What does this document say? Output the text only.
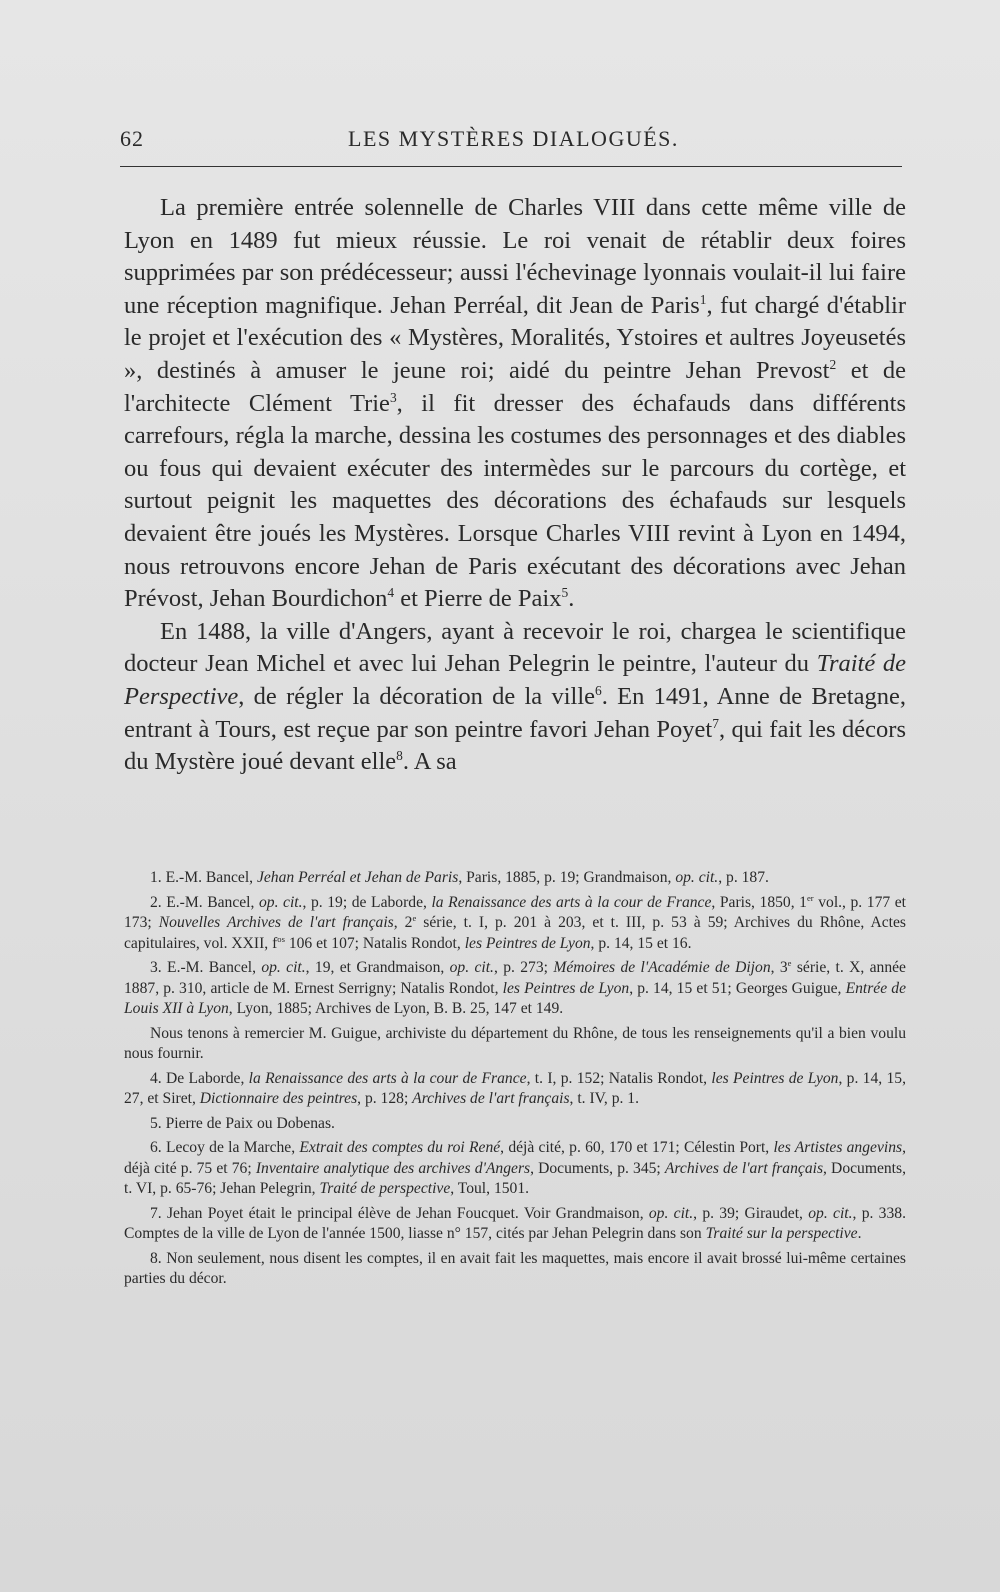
62	LES MYSTÈRES DIALOGUÉS.

La première entrée solennelle de Charles VIII dans cette même ville de Lyon en 1489 fut mieux réussie. Le roi venait de rétablir deux foires supprimées par son prédécesseur; aussi l'échevinage lyonnais voulait-il lui faire une réception magnifique. Jehan Perréal, dit Jean de Paris$^1$, fut chargé d'établir le projet et l'exécution des « Mystères, Moralités, Ystoires et aultres Joyeusetés », destinés à amuser le jeune roi; aidé du peintre Jehan Prevost$^2$ et de l'architecte Clément Trie$^3$, il fit dresser des échafauds dans différents carrefours, régla la marche, dessina les costumes des personnages et des diables ou fous qui devaient exécuter des intermèdes sur le parcours du cortège, et surtout peignit les maquettes des décorations des échafauds sur lesquels devaient être joués les Mystères. Lorsque Charles VIII revint à Lyon en 1494, nous retrouvons encore Jehan de Paris exécutant des décorations avec Jehan Prévost, Jehan Bourdichon$^4$ et Pierre de Paix$^5$.

En 1488, la ville d'Angers, ayant à recevoir le roi, chargea le scientifique docteur Jean Michel et avec lui Jehan Pelegrin le peintre, l'auteur du Traité de Perspective, de régler la décoration de la ville$^6$. En 1491, Anne de Bretagne, entrant à Tours, est reçue par son peintre favori Jehan Poyet$^7$, qui fait les décors du Mystère joué devant elle$^8$. A sa

1. E.-M. Bancel, Jehan Perréal et Jehan de Paris, Paris, 1885, p. 19; Grandmaison, op. cit., p. 187.

2. E.-M. Bancel, op. cit., p. 19; de Laborde, la Renaissance des arts à la cour de France, Paris, 1850, 1er vol., p. 177 et 173; Nouvelles Archives de l'art français, 2e série, t. I, p. 201 à 203, et t. III, p. 53 à 59; Archives du Rhône, Actes capitulaires, vol. XXII, $f^{os}$ 106 et 107; Natalis Rondot, les Peintres de Lyon, p. 14, 15 et 16.

3. E.-M. Bancel, op. cit., 19, et Grandmaison, op. cit., p. 273; Mémoires de l'Académie de Dijon, 3e série, t. X, année 1887, p. 310, article de M. Ernest Serrigny; Natalis Rondot, les Peintres de Lyon, p. 14, 15 et 51; Georges Guigue, Entrée de Louis XII à Lyon, Lyon, 1885; Archives de Lyon, B. B. 25, 147 et 149.

Nous tenons à remercier M. Guigue, archiviste du département du Rhône, de tous les renseignements qu'il a bien voulu nous fournir.

4. De Laborde, la Renaissance des arts à la cour de France, t. I, p. 152; Natalis Rondot, les Peintres de Lyon, p. 14, 15, 27, et Siret, Dictionnaire des peintres, p. 128; Archives de l'art français, t. IV, p. 1.

5. Pierre de Paix ou Dobenas.

6. Lecoy de la Marche, Extrait des comptes du roi René, déjà cité, p. 60, 170 et 171; Célestin Port, les Artistes angevins, déjà cité p. 75 et 76; Inventaire analytique des archives d'Angers, Documents, p. 345; Archives de l'art français, Documents, t. VI, p. 65-76; Jehan Pelegrin, Traité de perspective, Toul, 1501.

7. Jehan Poyet était le principal élève de Jehan Foucquet. Voir Grandmaison, op. cit., p. 39; Giraudet, op. cit., p. 338. Comptes de la ville de Lyon de l'année 1500, liasse n° 157, cités par Jehan Pelegrin dans son Traité sur la perspective.

8. Non seulement, nous disent les comptes, il en avait fait les maquettes, mais encore il avait brossé lui-même certaines parties du décor.
